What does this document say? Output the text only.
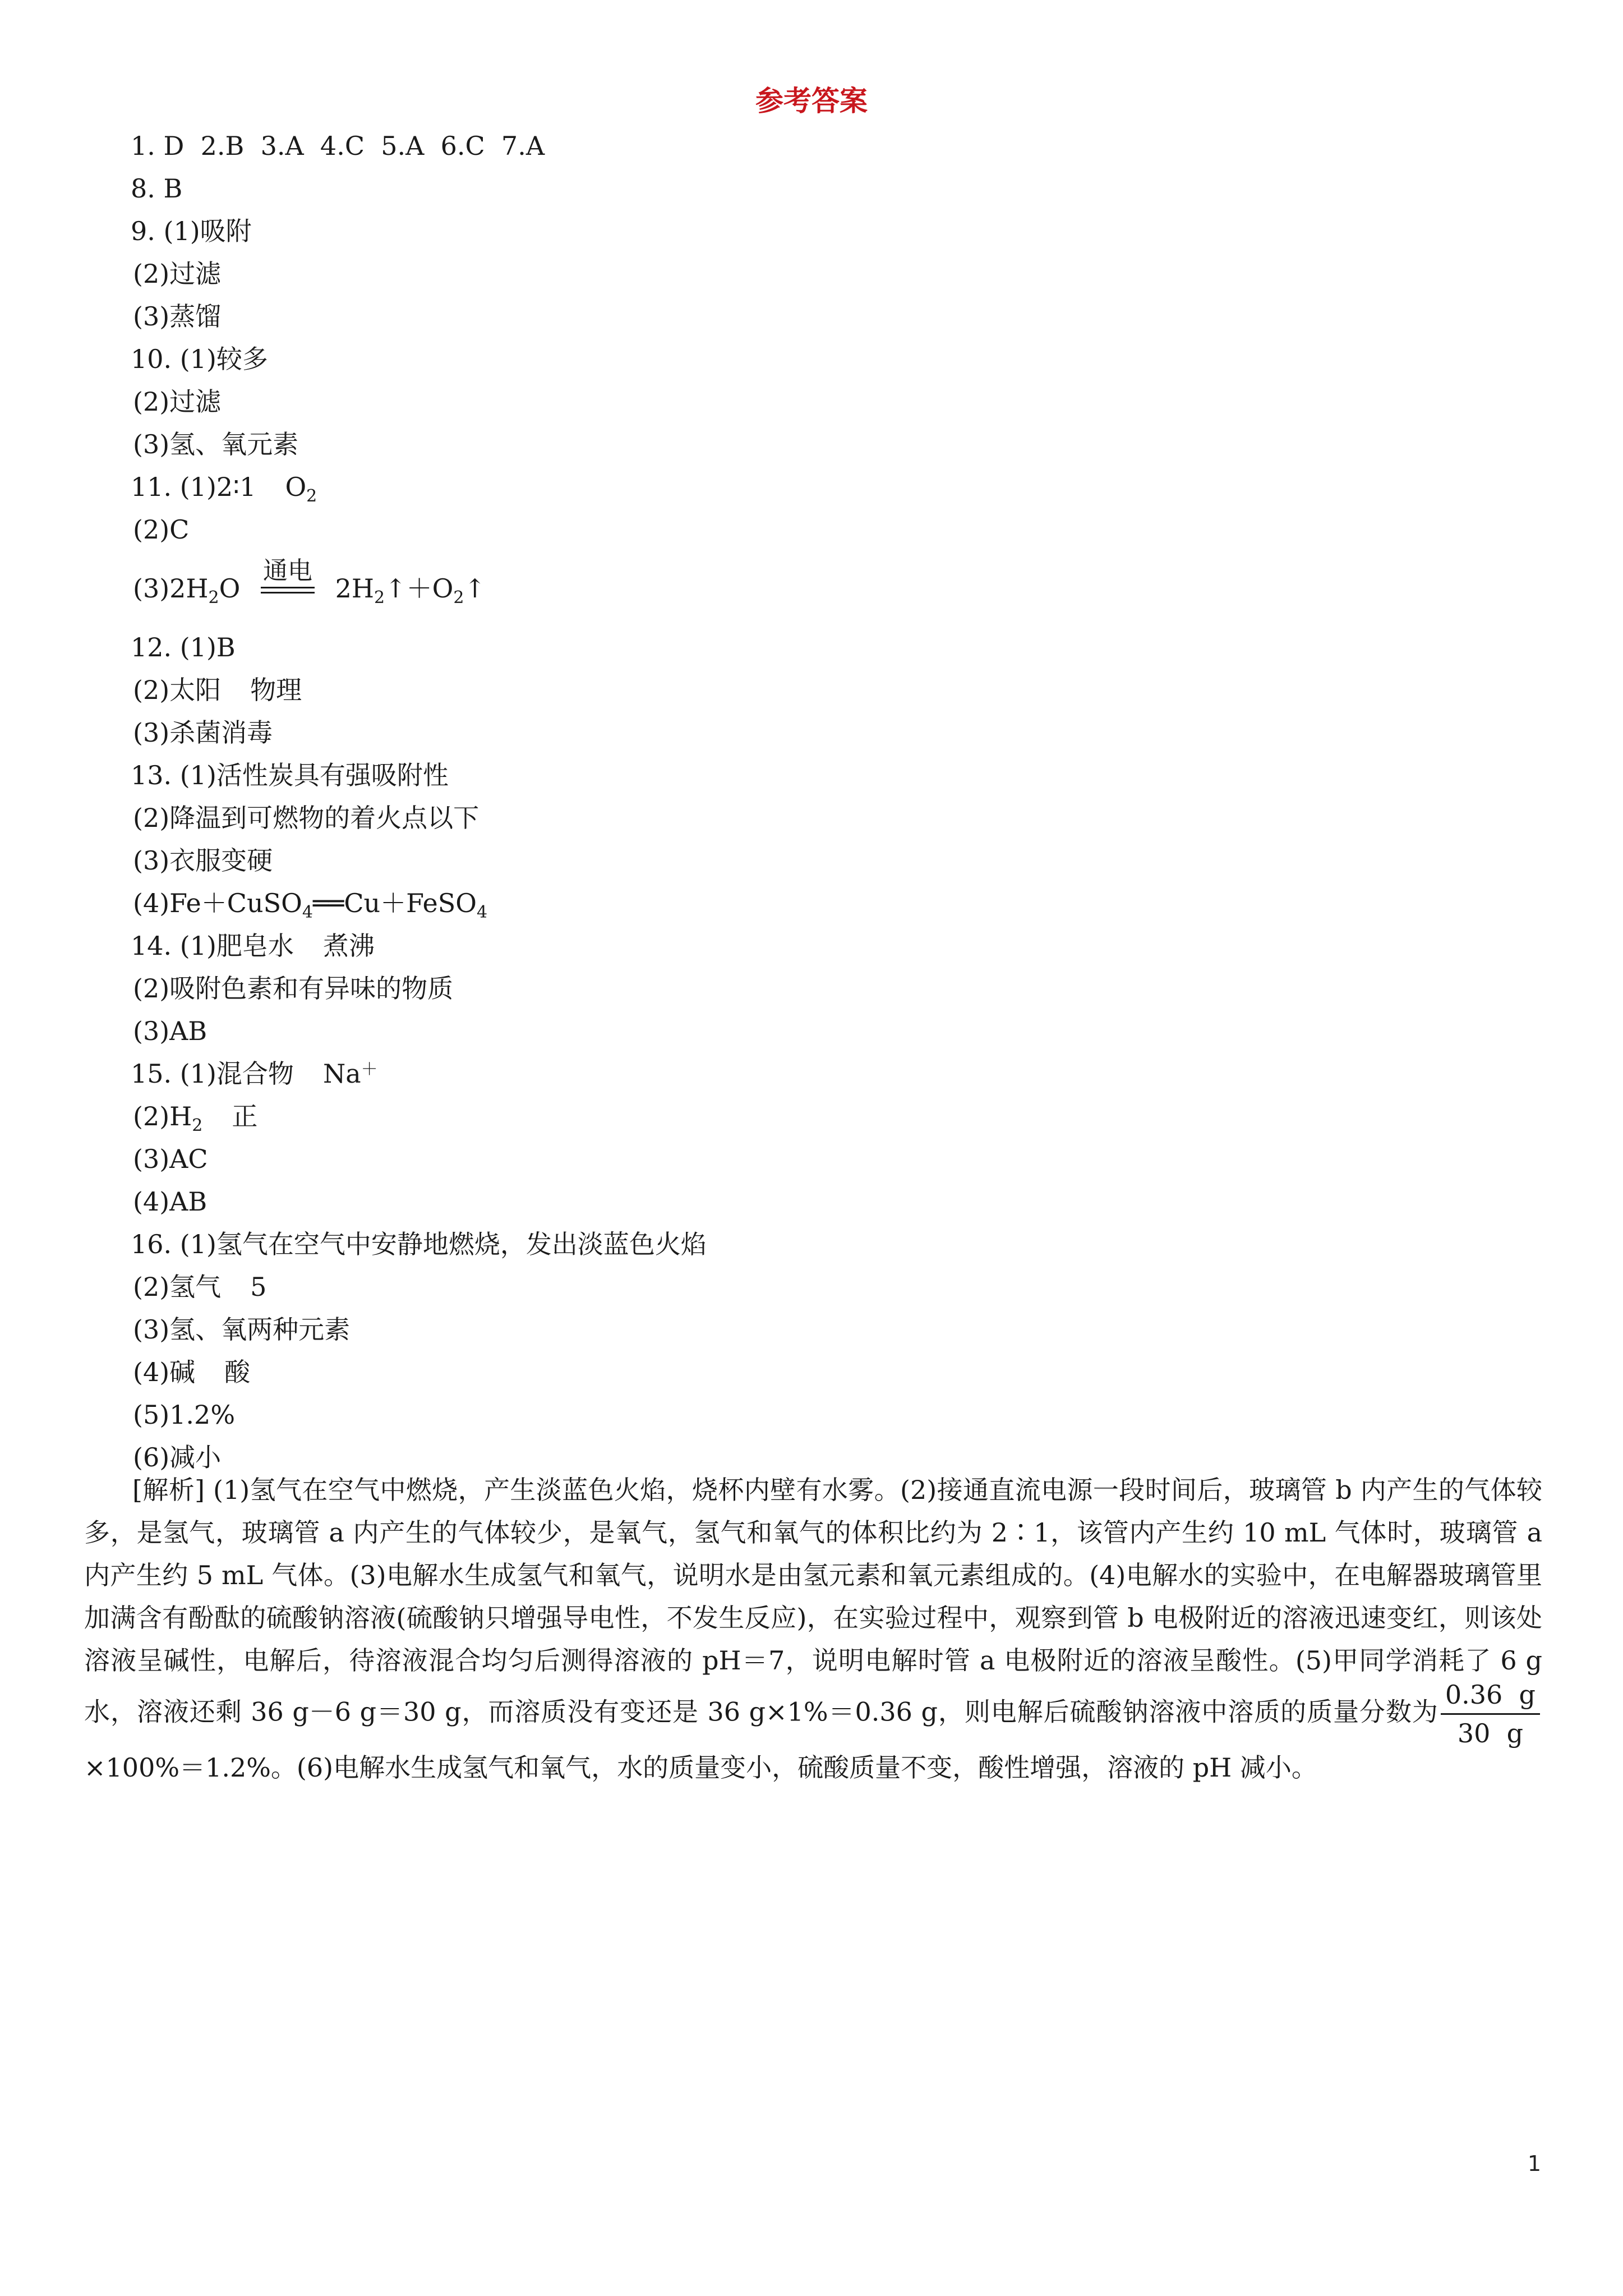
参考答案
1. D  2.B  3.A  4.C  5.A  6.C  7.A
8. B
9. (1)吸附
(2)过滤
(3)蒸馏
10. (1)较多
(2)过滤
(3)氢、氧元素
11. (1)2∶1 $O_2$
(2)C
$(3)2H_2O$
通电
$2H_2↑+O_2↑$
12. (1)B
(2)太阳 物理
(3)杀菌消毒
13. (1)活性炭具有强吸附性
(2)降温到可燃物的着火点以下
(3)衣服变硬
(4)Fe＋CuSO$_4$══Cu＋FeSO$_4$
14. (1)肥皂水 煮沸
(2)吸附色素和有异味的物质
(3)AB
15. (1)混合物 Na＋
$(2)H_2$ 正
(3)AC
(4)AB
16. (1)氢气在空气中安静地燃烧，发出淡蓝色火焰
(2)氢气 5
(3)氢、氧两种元素
(4)碱 酸
(5)1.2%
(6)减小
[解析] (1)氢气在空气中燃烧，产生淡蓝色火焰，烧杯内壁有水雾。(2)接通直流电源一段时间后，玻璃管 b 内产生的气体较多，是氢气，玻璃管 a 内产生的气体较少，是氧气，氢气和氧气的体积比约为 2∶1，该管内产生约 10 mL 气体时，玻璃管 a 内产生约 5 mL 气体。(3)电解水生成氢气和氧气，说明水是由氢元素和氧元素组成的。(4)电解水的实验中，在电解器玻璃管里加满含有酚酞的硫酸钠溶液(硫酸钠只增强导电性，不发生反应)，在实验过程中，观察到管 b 电极附近的溶液迅速变红，则该处溶液呈碱性，电解后，待溶液混合均匀后测得溶液的 pH＝7，说明电解时管 a 电极附近的溶液呈酸性。(5)甲同学消耗了 6 g 水，溶液还剩 36 g－6 g＝30 g，而溶质没有变还是 36 g×1%＝0.36 g，则电解后硫酸钠溶液中溶质的质量分数为 $\frac{0.36 g}{30 g}$
×100%＝1.2%。(6)电解水生成氢气和氧气，水的质量变小，硫酸质量不变，酸性增强，溶液的 pH 减小。
1
